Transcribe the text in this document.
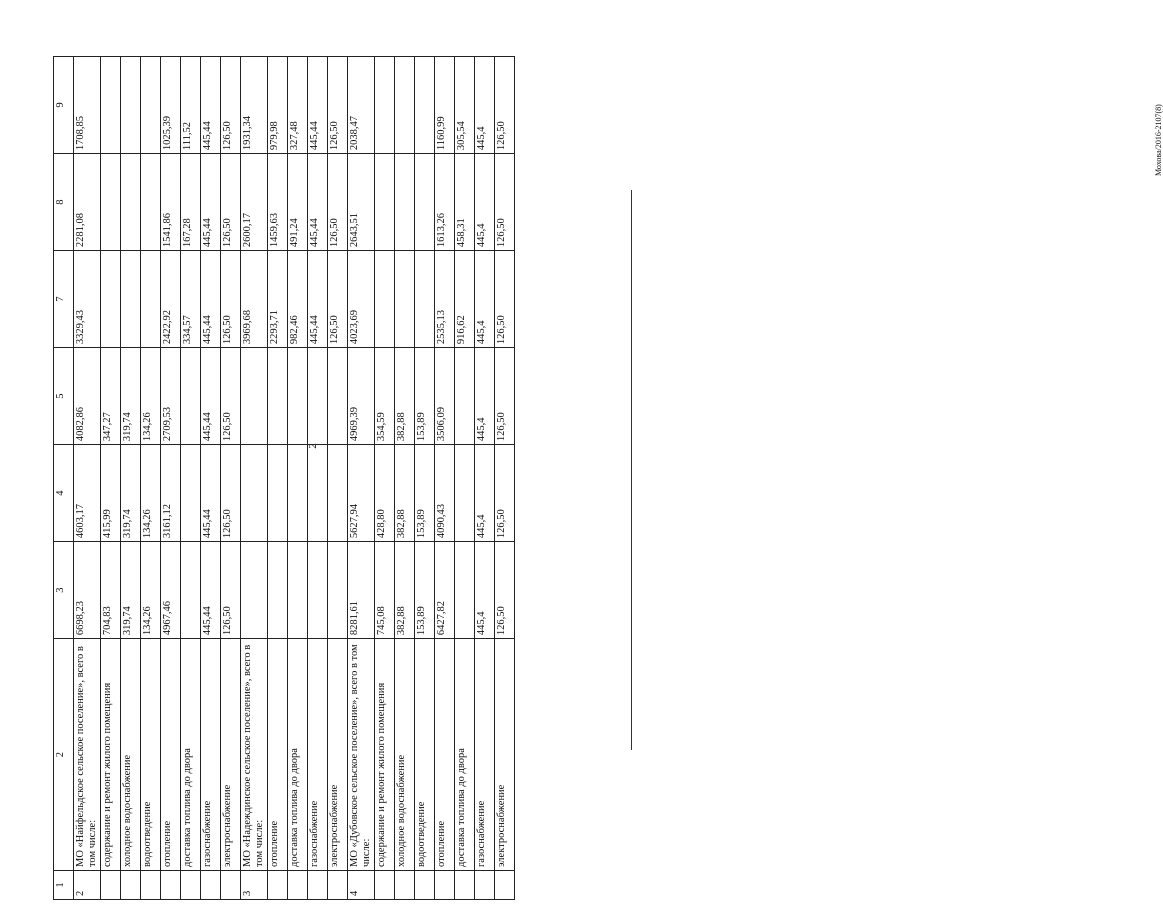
2
Мохова/2016-2107(8)
1	2	3	4	5	7	8	9
2	МО «Найфельдское сельское поселение», всего в том числе:	6698,23	4603,17	4082,86	3329,43	2281,08	1708,85
	содержание и ремонт жилого помещения	704,83	415,99	347,27			
	холодное водоснабжение	319,74	319,74	319,74			
	водоотведение	134,26	134,26	134,26			
	отопление	4967,46	3161,12	2709,53	2422,92	1541,86	1025,39
	доставка топлива до двора				334,57	167,28	111,52
	газоснабжение	445,44	445,44	445,44	445,44	445,44	445,44
	электроснабжение	126,50	126,50	126,50	126,50	126,50	126,50
3	МО «Надеждинское сельское поселение», всего в том числе:				3969,68	2600,17	1931,34
	отопление				2293,71	1459,63	979,98
	доставка топлива до двора				982,46	491,24	327,48
	газоснабжение				445,44	445,44	445,44
	электроснабжение				126,50	126,50	126,50
4	МО «Дубовское сельское поселение», всего в том числе:	8281,61	5627,94	4969,39	4023,69	2643,51	2038,47
	содержание и ремонт жилого помещения	745,08	428,80	354,59			
	холодное водоснабжение	382,88	382,88	382,88			
	водоотведение	153,89	153,89	153,89			
	отопление	6427,82	4090,43	3506,09	2535,13	1613,26	1160,99
	доставка топлива до двора				916,62	458,31	305,54
	газоснабжение	445,4	445,4	445,4	445,4	445,4	445,4
	электроснабжение	126,50	126,50	126,50	126,50	126,50	126,50
